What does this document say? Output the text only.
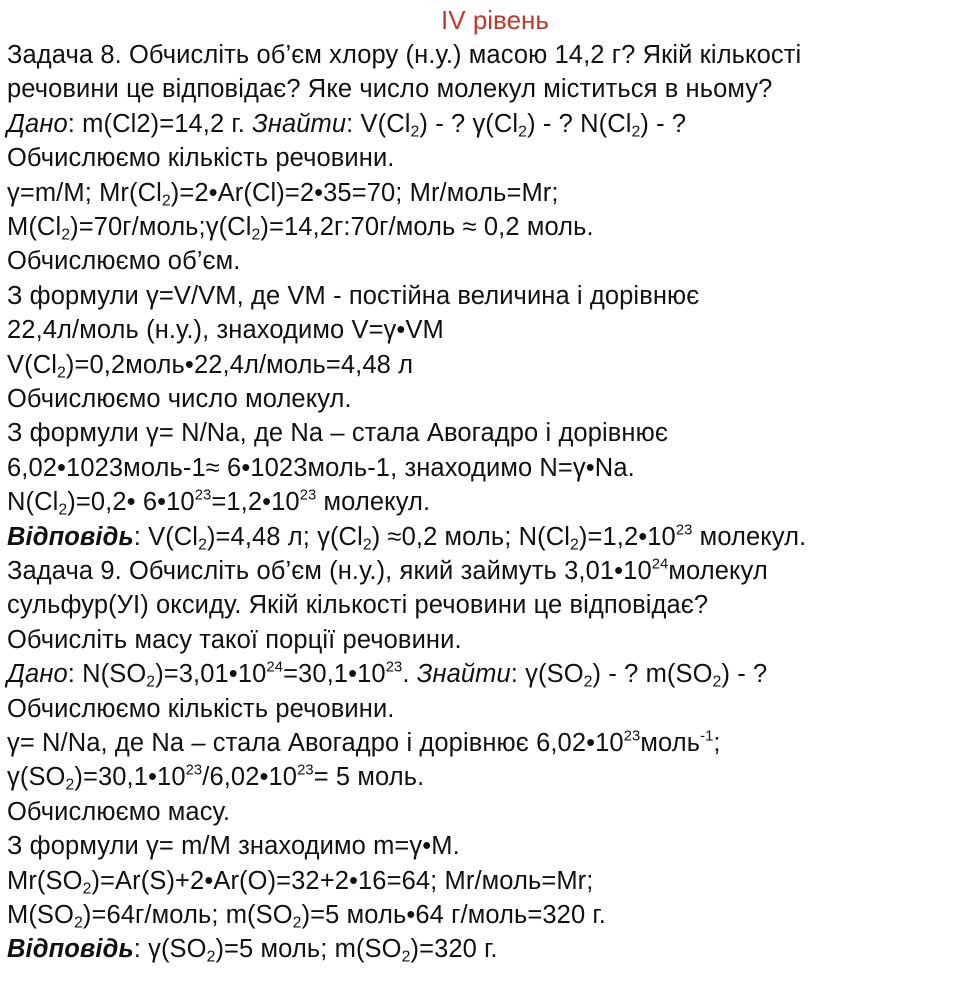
IV рівень
Задача 8. Обчисліть об’єм хлору (н.у.) масою 14,2 г? Якій кількості
речовини це відповідає? Яке число молекул міститься в ньому?
Дано: m(Cl2)=14,2 г. Знайти: $V(Cl_2)$ - ? $\gamma(Cl_2)$ - ? $N(Cl_2)$ - ?
Обчислюємо кількість речовини.
γ=m/M; $Mr(Cl_2)=2•Ar(Cl)=2•35=70$; Mr/моль=Mr;
$M(Cl_2)=70г/моль;\gamma(Cl_2)=14,2г:70г$/моль ≈ 0,2 моль.
Обчислюємо об’єм.
З формули γ=V/VM, де VM - постійна величина і дорівнює
22,4л/моль (н.у.), знаходимо V=γ•VM
$V(Cl_2)=0,2моль•22,4л/моль=4,48$ л
Обчислюємо число молекул.
З формули γ= N/Na, де Na – стала Авогадро і дорівнює
6,02•1023моль-1≈ 6•1023моль-1, знаходимо N=γ•Na.
$N(Cl_2)=0,2•$ $6•10^{23}=1,2•10^{23}$ молекул.
Відповідь: $V(Cl_2)=4,48$ л; $\gamma(Cl_2) \approx 0,2$ моль; $N(Cl_2)=1,2•10^{23}$ молекул.
Задача 9. Обчисліть об’єм (н.у.), який займуть $3,01•10^{24}молекул$
сульфур(УІ) оксиду. Якій кількості речовини це відповідає?
Обчисліть масу такої порції речовини.
Дано: $N(SO_2)=3,01•10^{24}=30,1•10^{23}$. Знайти: $\gamma(SO_2)$ - ? $m(SO_2)$ - ?
Обчислюємо кількість речовини.
γ= N/Na, де Na – стала Авогадро і дорівнює $6,02•10^{23}моль^{-1}$;
$\gamma(SO_2)=30,1•10^{23}/6,02•10^{23}= 5$ моль.
Обчислюємо масу.
З формули γ= m/M знаходимо m=γ•M.
$Mr(SO_2)=Ar(S)+2•Ar(O)=32+2•16=64$; Mr/моль=Mr;
$M(SO_2)=64г$/моль; $m(SO_2)=5$ моль•64 г/моль=320 г.
Відповідь: $\gamma(SO_2)=5$ моль; $m(SO_2)=320$ г.
